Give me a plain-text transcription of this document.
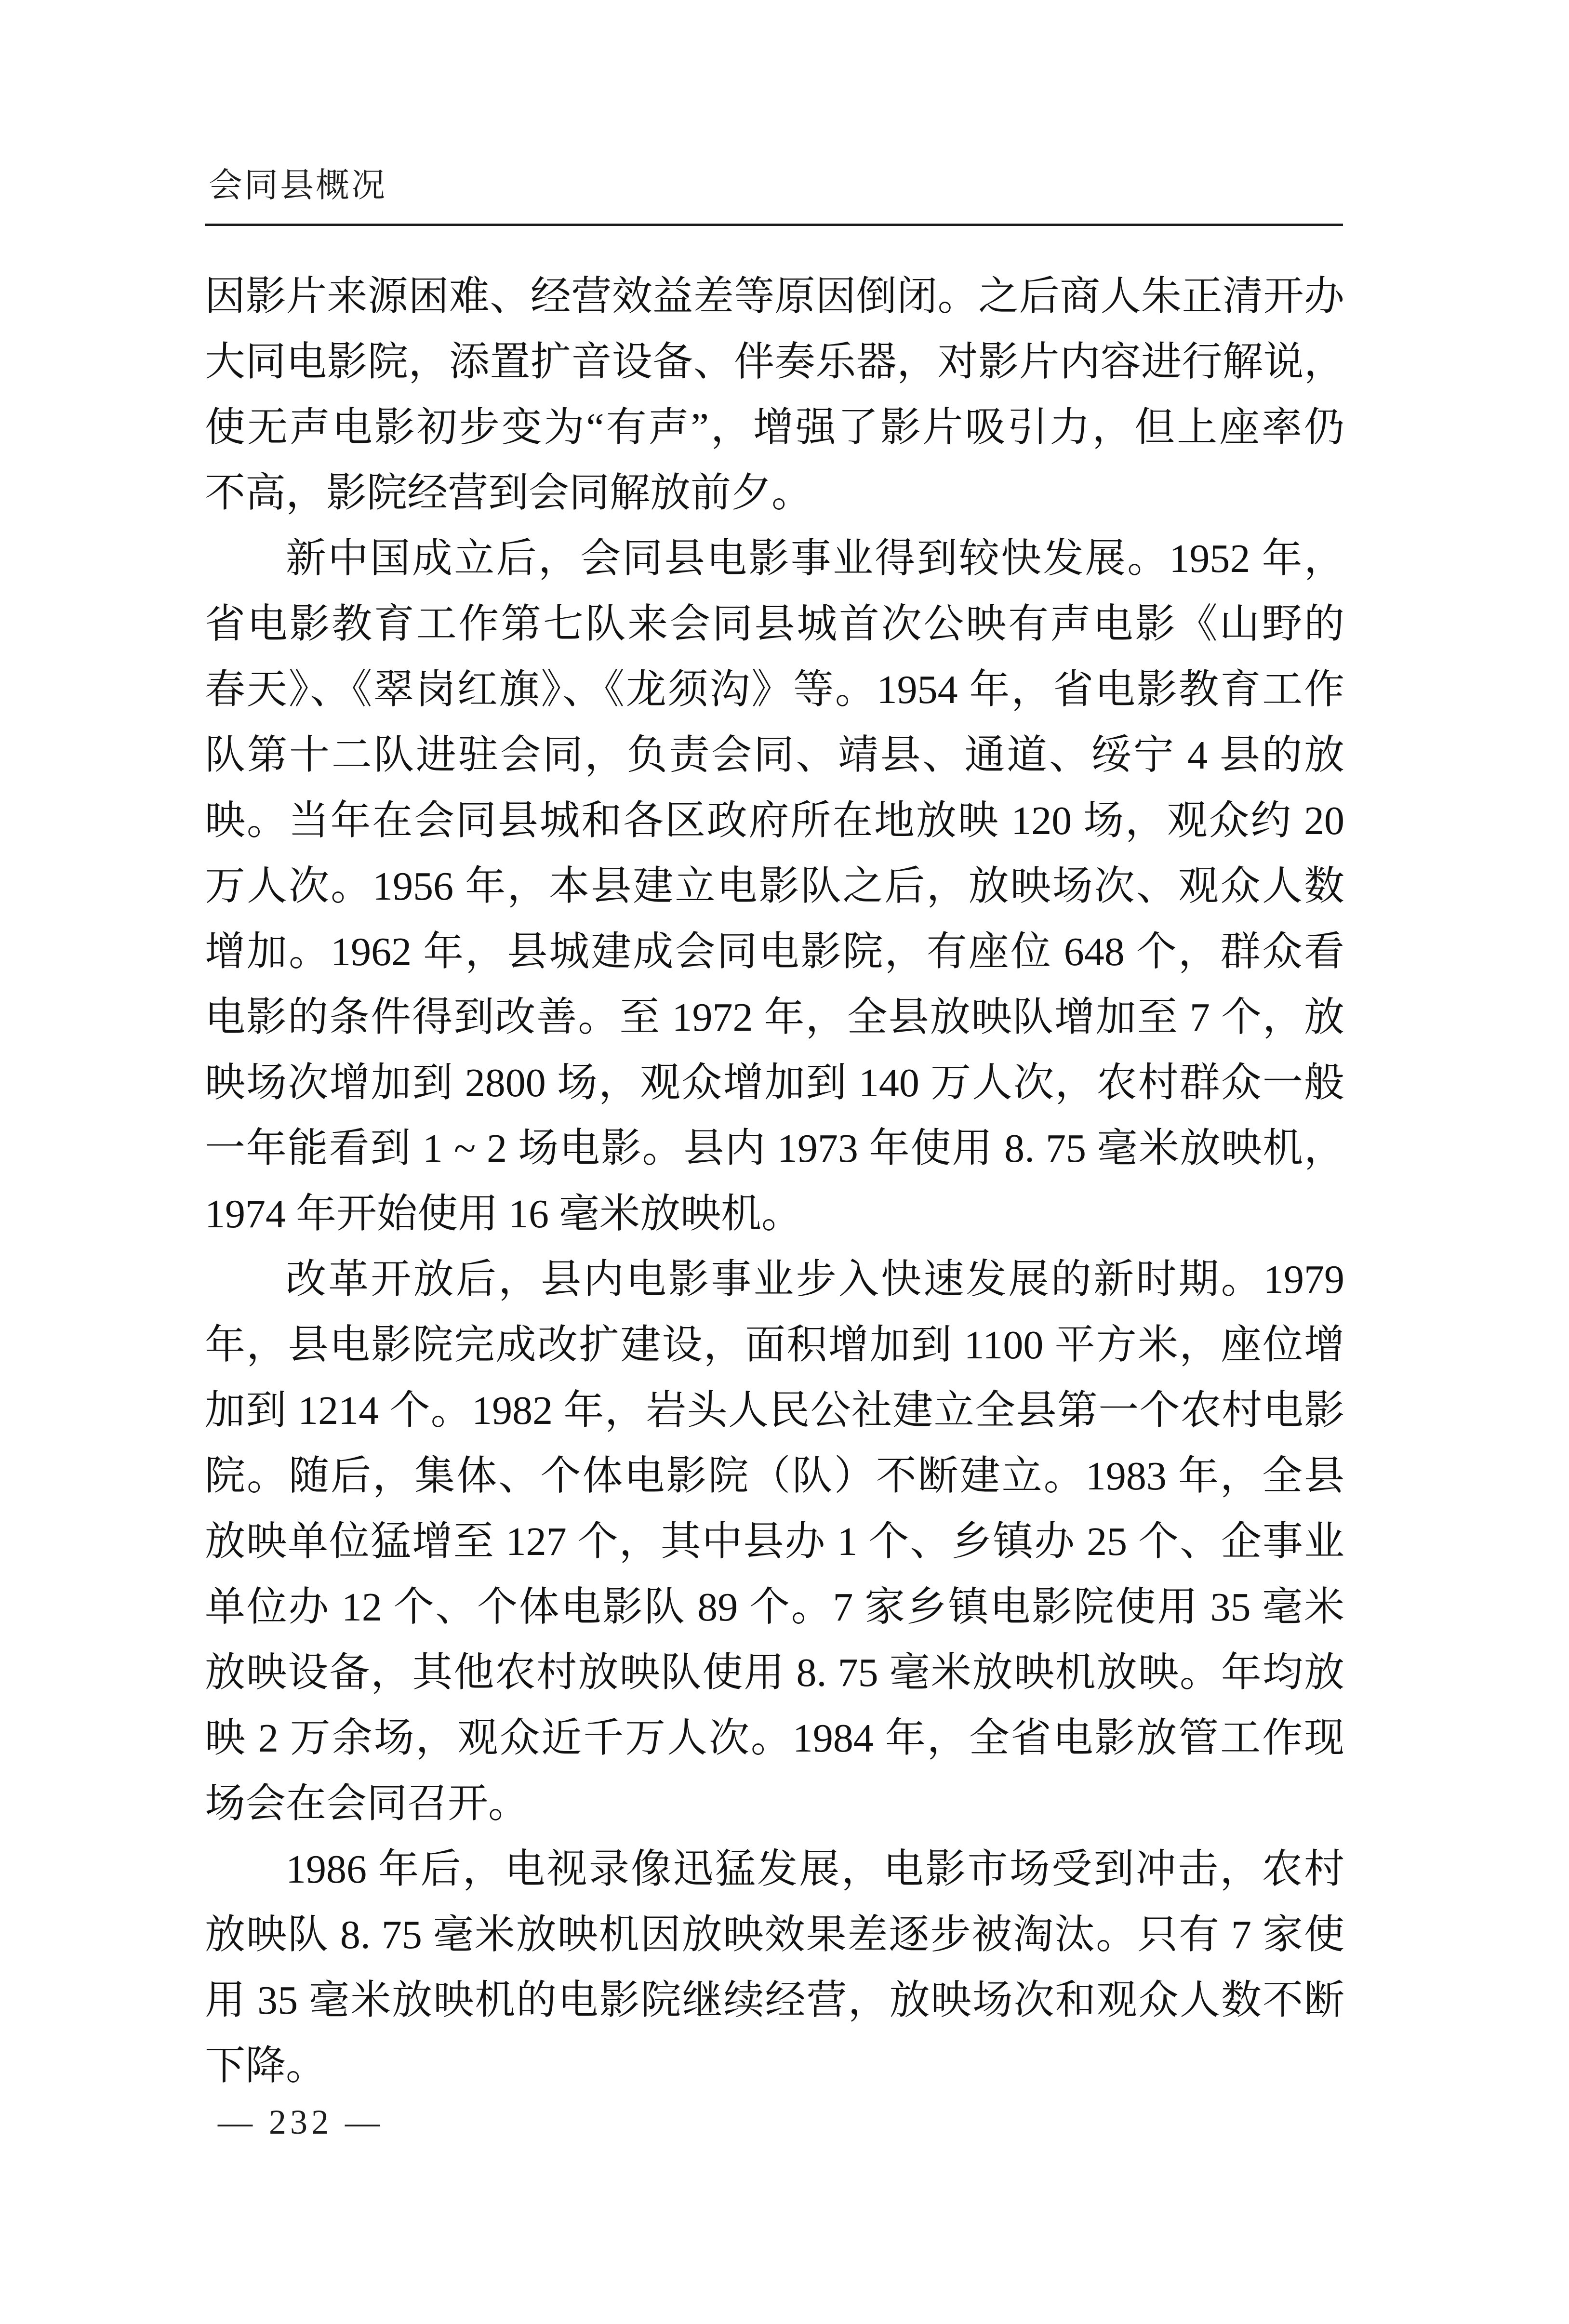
会同县概况
因影片来源困难、经营效益差等原因倒闭。之后商人朱正清开办
大同电影院，添置扩音设备、伴奏乐器，对影片内容进行解说，
使无声电影初步变为“有声”，增强了影片吸引力，但上座率仍
不高，影院经营到会同解放前夕。
新中国成立后，会同县电影事业得到较快发展。1952 年，
省电影教育工作第七队来会同县城首次公映有声电影《山野的
春天》、《翠岗红旗》、《龙须沟》等。1954 年，省电影教育工作
队第十二队进驻会同，负责会同、靖县、通道、绥宁 4 县的放
映。当年在会同县城和各区政府所在地放映 120 场，观众约 20
万人次。1956 年，本县建立电影队之后，放映场次、观众人数
增加。1962 年，县城建成会同电影院，有座位 648 个，群众看
电影的条件得到改善。至 1972 年，全县放映队增加至 7 个，放
映场次增加到 2800 场，观众增加到 140 万人次，农村群众一般
一年能看到 1 ~ 2 场电影。县内 1973 年使用 8. 75 毫米放映机，
1974 年开始使用 16 毫米放映机。
改革开放后，县内电影事业步入快速发展的新时期。1979
年，县电影院完成改扩建设，面积增加到 1100 平方米，座位增
加到 1214 个。1982 年，岩头人民公社建立全县第一个农村电影
院。随后，集体、个体电影院（队）不断建立。1983 年，全县
放映单位猛增至 127 个，其中县办 1 个、乡镇办 25 个、企事业
单位办 12 个、个体电影队 89 个。7 家乡镇电影院使用 35 毫米
放映设备，其他农村放映队使用 8. 75 毫米放映机放映。年均放
映 2 万余场，观众近千万人次。1984 年，全省电影放管工作现
场会在会同召开。
1986 年后，电视录像迅猛发展，电影市场受到冲击，农村
放映队 8. 75 毫米放映机因放映效果差逐步被淘汰。只有 7 家使
用 35 毫米放映机的电影院继续经营，放映场次和观众人数不断
下降。
— 232 —
